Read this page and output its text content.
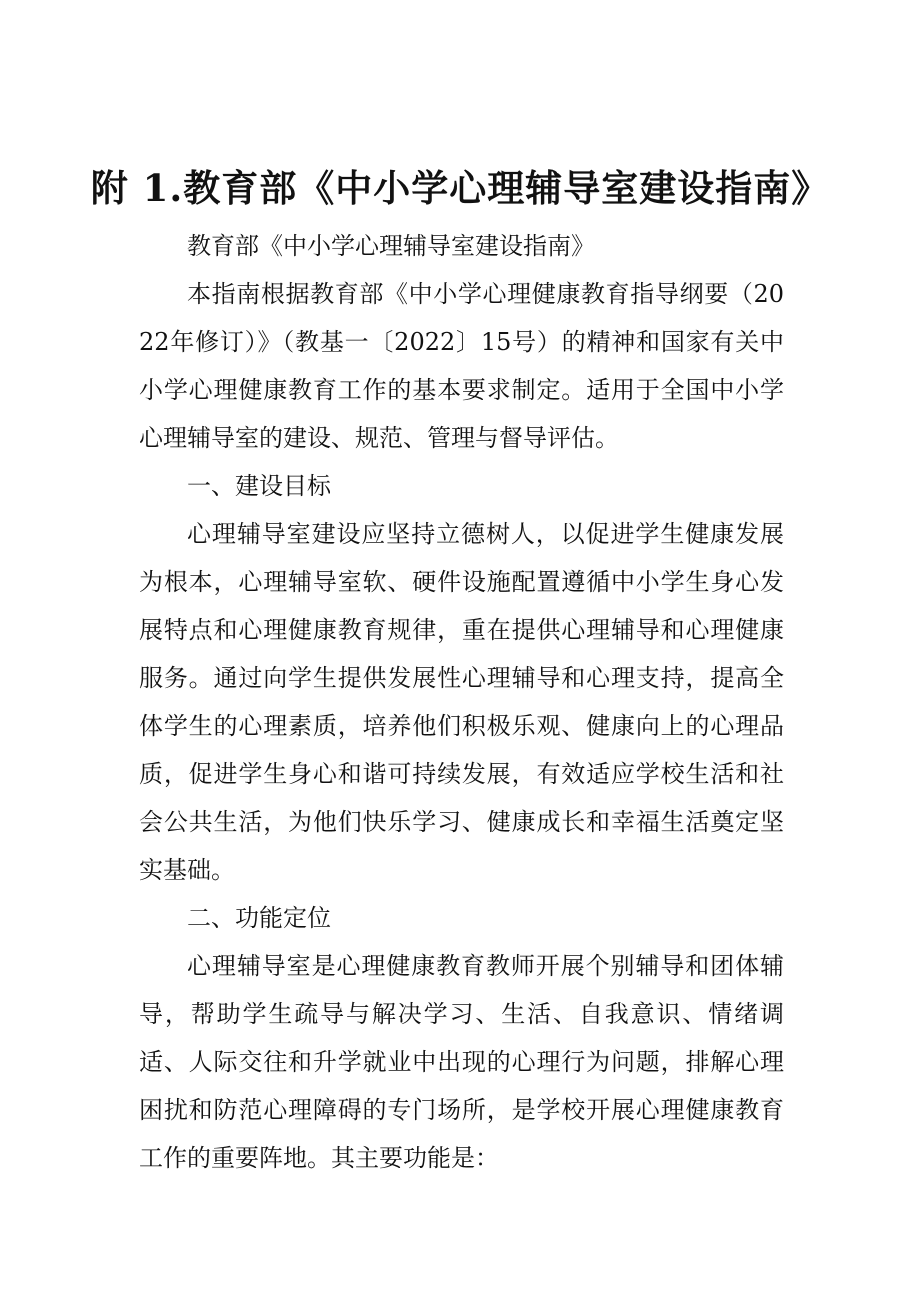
附 1.教育部《中小学心理辅导室建设指南》

教育部《中小学心理辅导室建设指南》

本指南根据教育部《中小学心理健康教育指导纲要（2022年修订）》（教基一〔2022〕15号）的精神和国家有关中小学心理健康教育工作的基本要求制定。适用于全国中小学心理辅导室的建设、规范、管理与督导评估。

一、建设目标

心理辅导室建设应坚持立德树人，以促进学生健康发展为根本，心理辅导室软、硬件设施配置遵循中小学生身心发展特点和心理健康教育规律，重在提供心理辅导和心理健康服务。通过向学生提供发展性心理辅导和心理支持，提高全体学生的心理素质，培养他们积极乐观、健康向上的心理品质，促进学生身心和谐可持续发展，有效适应学校生活和社会公共生活，为他们快乐学习、健康成长和幸福生活奠定坚实基础。

二、功能定位

心理辅导室是心理健康教育教师开展个别辅导和团体辅导，帮助学生疏导与解决学习、生活、自我意识、情绪调适、人际交往和升学就业中出现的心理行为问题，排解心理困扰和防范心理障碍的专门场所，是学校开展心理健康教育工作的重要阵地。其主要功能是：
